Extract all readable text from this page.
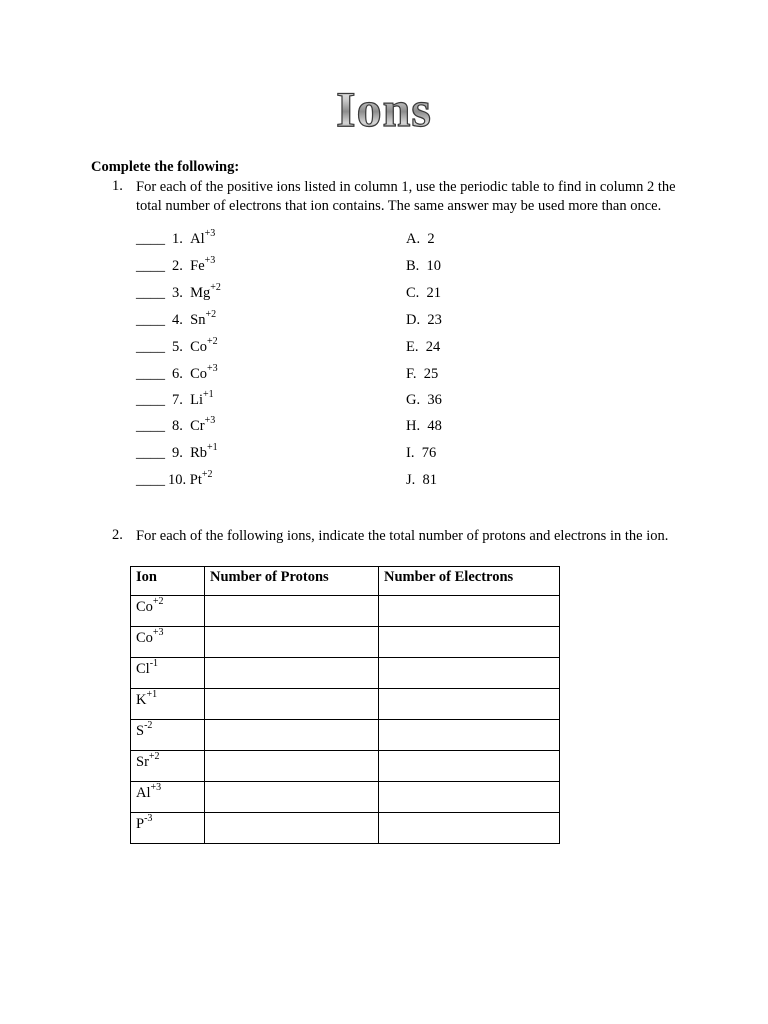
Ions
Complete the following:
1. For each of the positive ions listed in column 1, use the periodic table to find in column 2 the total number of electrons that ion contains. The same answer may be used more than once.
____ 1. $Al^{+3}$	A. 2
____ 2. $Fe^{+3}$	B. 10
____ 3. $Mg^{+2}$	C. 21
____ 4. $Sn^{+2}$	D. 23
____ 5. $Co^{+2}$	E. 24
____ 6. $Co^{+3}$	F. 25
____ 7. $Li^{+1}$	G. 36
____ 8. $Cr^{+3}$	H. 48
____ 9. $Rb^{+1}$	I. 76
____ 10. $Pt^{+2}$	J. 81
2. For each of the following ions, indicate the total number of protons and electrons in the ion.
Ion	Number of Protons	Number of Electrons
$Co^{+2}$		
$Co^{+3}$		
$Cl^{-1}$		
$K^{+1}$		
$S^{-2}$		
$Sr^{+2}$		
$Al^{+3}$		
$P^{-3}$		
